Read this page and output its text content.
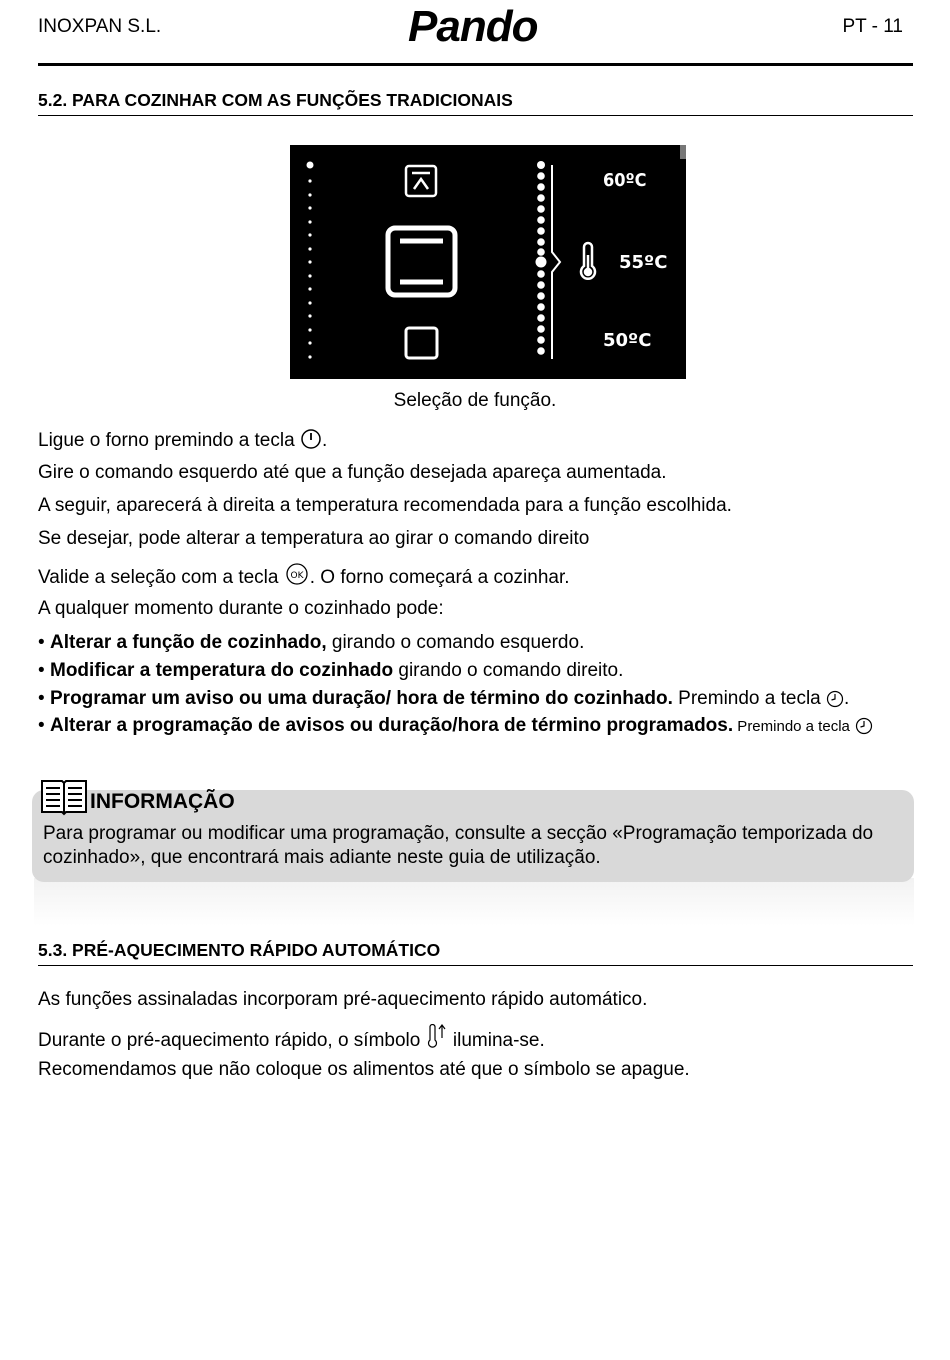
INOXPAN S.L.	Pando	PT - 11
5.2. PARA COZINHAR COM AS FUNÇÕES TRADICIONAIS
60ºC
55ºC
50ºC
Seleção de função.
Ligue o forno premindo a tecla .
Gire o comando esquerdo até que a função desejada apareça aumentada.
A seguir, aparecerá à direita a temperatura recomendada para a função escolhida.
Se desejar, pode alterar a temperatura ao girar o comando direito
Valide a seleção com a tecla OK . O forno começará a cozinhar.
A qualquer momento durante o cozinhado pode:
• Alterar a função de cozinhado, girando o comando esquerdo.
• Modificar a temperatura do cozinhado girando o comando direito.
• Programar um aviso ou uma duração/ hora de término do cozinhado. Premindo a tecla .
• Alterar a programação de avisos ou duração/hora de término programados. Premindo a tecla
INFORMAÇÃO
Para programar ou modificar uma programação, consulte a secção «Programação temporizada do cozinhado», que encontrará mais adiante neste guia de utilização.
5.3. PRÉ-AQUECIMENTO RÁPIDO AUTOMÁTICO
As funções assinaladas incorporam pré-aquecimento rápido automático.
Durante o pré-aquecimento rápido, o símbolo  ilumina-se.
Recomendamos que não coloque os alimentos até que o símbolo se apague.
